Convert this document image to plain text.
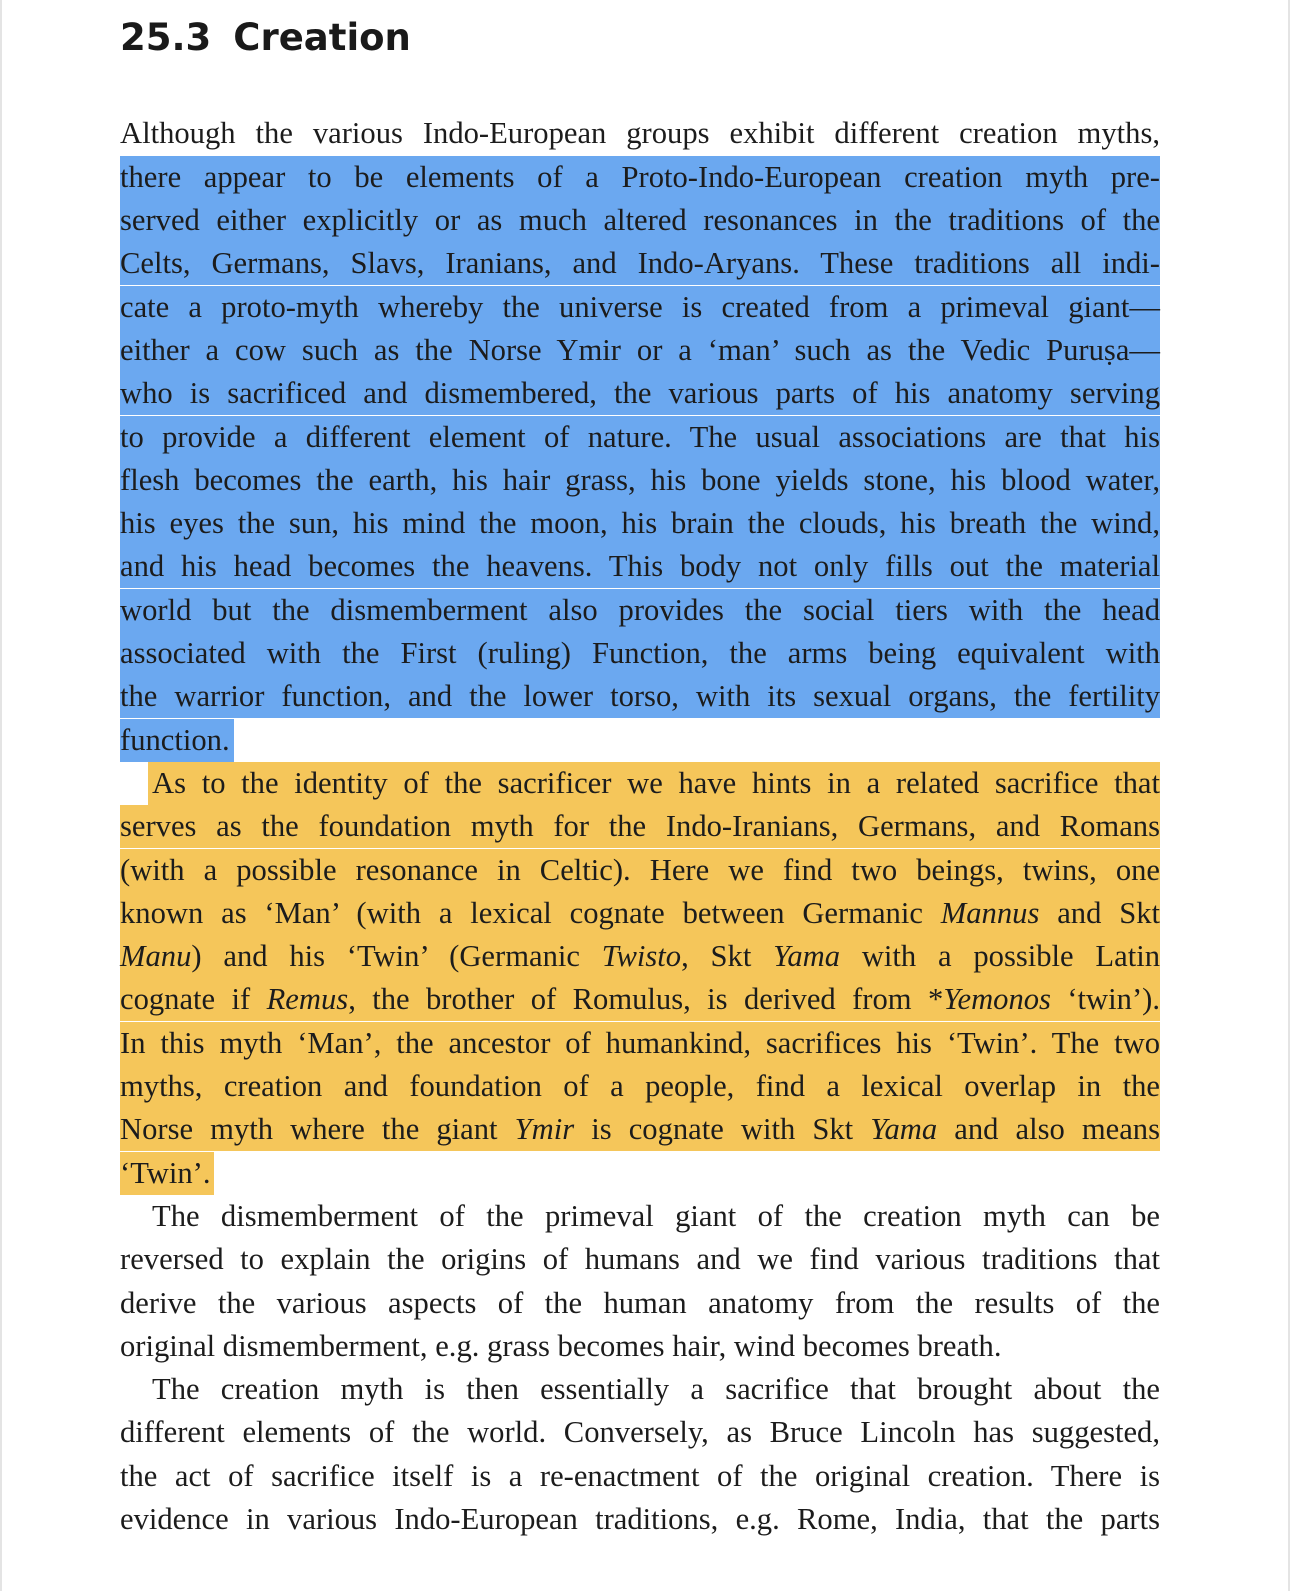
25.3 Creation
Although the various Indo-European groups exhibit different creation myths,
there appear to be elements of a Proto-Indo-European creation myth pre-
served either explicitly or as much altered resonances in the traditions of the
Celts, Germans, Slavs, Iranians, and Indo-Aryans. These traditions all indi-
cate a proto-myth whereby the universe is created from a primeval giant—
either a cow such as the Norse Ymir or a ‘man’ such as the Vedic Puruṣa—
who is sacrificed and dismembered, the various parts of his anatomy serving
to provide a different element of nature. The usual associations are that his
flesh becomes the earth, his hair grass, his bone yields stone, his blood water,
his eyes the sun, his mind the moon, his brain the clouds, his breath the wind,
and his head becomes the heavens. This body not only fills out the material
world but the dismemberment also provides the social tiers with the head
associated with the First (ruling) Function, the arms being equivalent with
the warrior function, and the lower torso, with its sexual organs, the fertility
function.
As to the identity of the sacrificer we have hints in a related sacrifice that
serves as the foundation myth for the Indo-Iranians, Germans, and Romans
(with a possible resonance in Celtic). Here we find two beings, twins, one
known as ‘Man’ (with a lexical cognate between Germanic Mannus and Skt
Manu) and his ‘Twin’ (Germanic Twisto, Skt Yama with a possible Latin
cognate if Remus, the brother of Romulus, is derived from *Yemonos ‘twin’).
In this myth ‘Man’, the ancestor of humankind, sacrifices his ‘Twin’. The two
myths, creation and foundation of a people, find a lexical overlap in the
Norse myth where the giant Ymir is cognate with Skt Yama and also means
‘Twin’.
The dismemberment of the primeval giant of the creation myth can be
reversed to explain the origins of humans and we find various traditions that
derive the various aspects of the human anatomy from the results of the
original dismemberment, e.g. grass becomes hair, wind becomes breath.
The creation myth is then essentially a sacrifice that brought about the
different elements of the world. Conversely, as Bruce Lincoln has suggested,
the act of sacrifice itself is a re-enactment of the original creation. There is
evidence in various Indo-European traditions, e.g. Rome, India, that the parts
